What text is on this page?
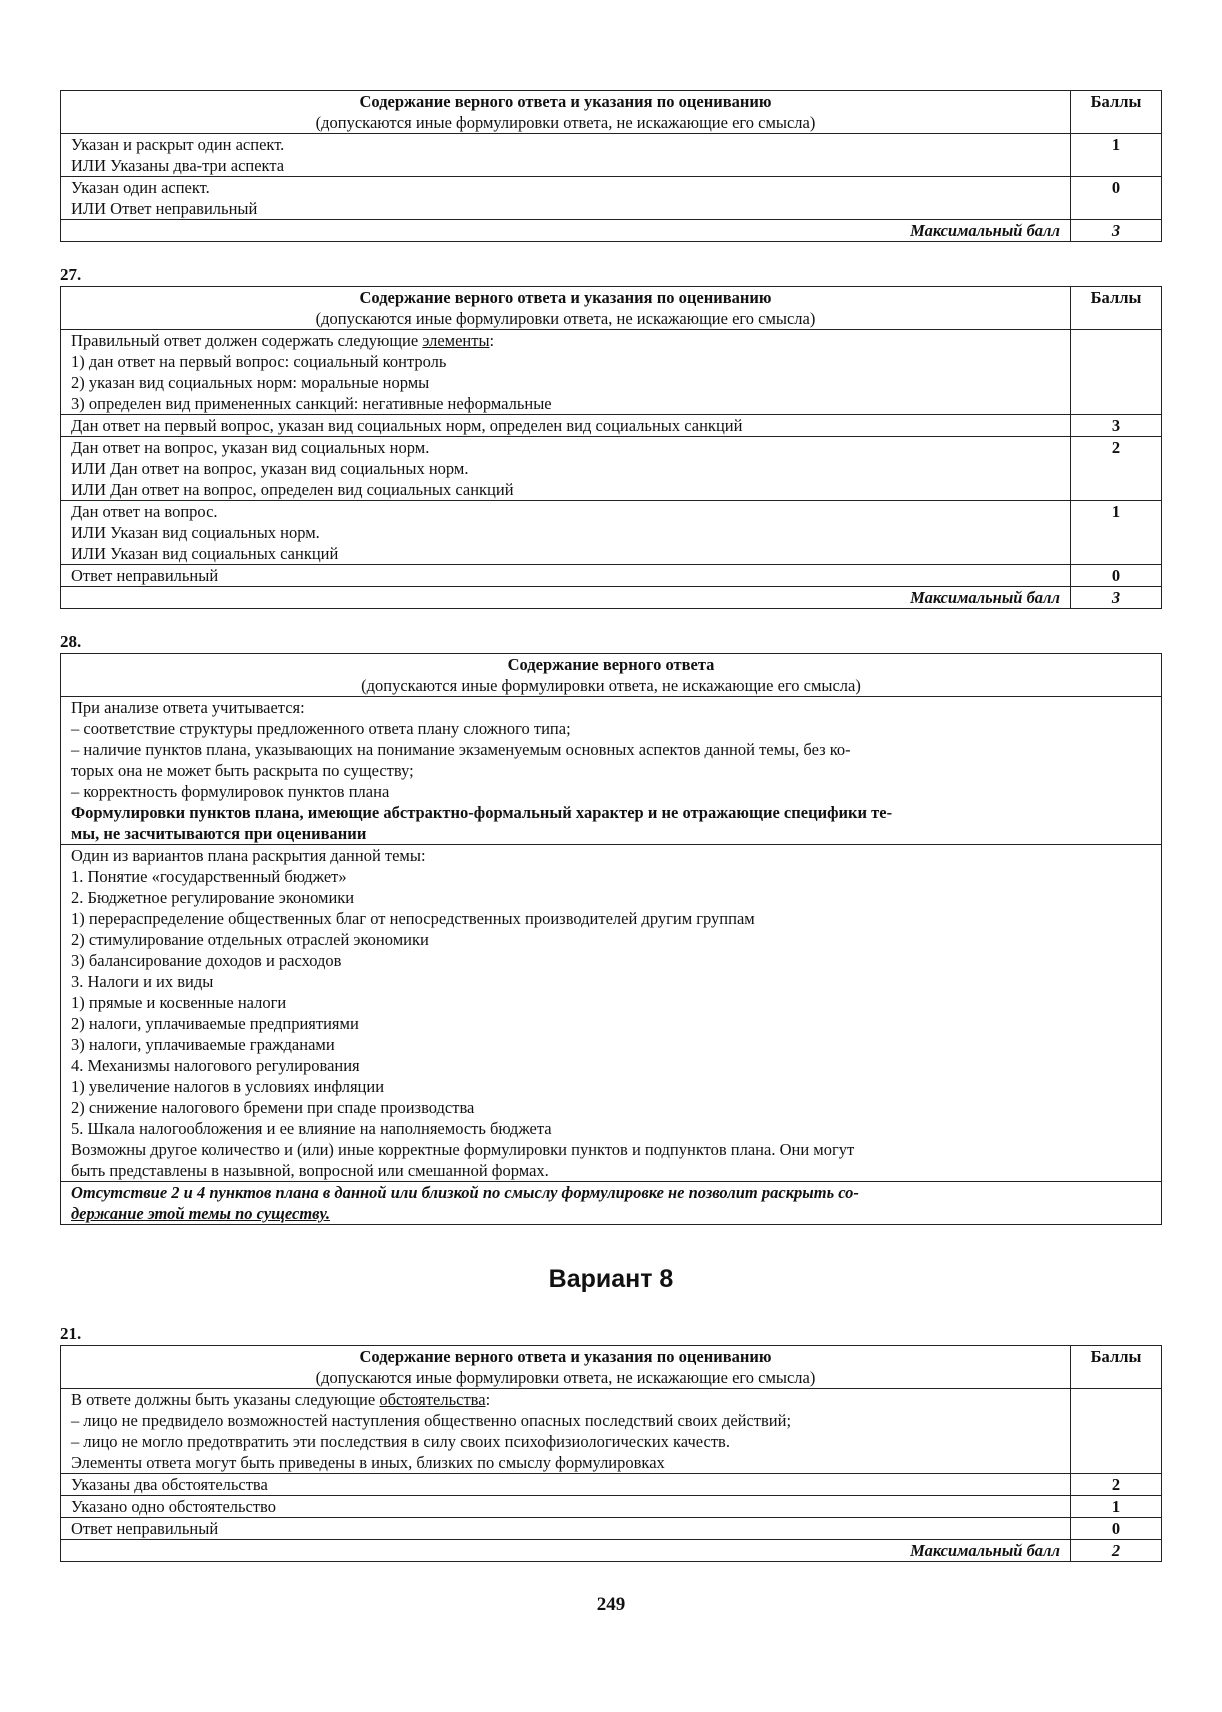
Содержание верного ответа и указания по оцениванию
(допускаются иные формулировки ответа, не искажающие его смысла)	Баллы

Указан и раскрыт один аспект.
ИЛИ Указаны два-три аспекта	1

Указан один аспект.
ИЛИ Ответ неправильный	0
Максимальный балл	3

27.

Содержание верного ответа и указания по оцениванию
(допускаются иные формулировки ответа, не искажающие его смысла)	Баллы

Правильный ответ должен содержать следующие элементы:
1) дан ответ на первый вопрос: социальный контроль
2) указан вид социальных норм: моральные нормы
3) определен вид примененных санкций: негативные неформальные	

Дан ответ на первый вопрос, указан вид социальных норм, определен вид социальных санкций	3

Дан ответ на вопрос, указан вид социальных норм.
ИЛИ Дан ответ на вопрос, указан вид социальных норм.
ИЛИ Дан ответ на вопрос, определен вид социальных санкций	2

Дан ответ на вопрос.
ИЛИ Указан вид социальных норм.
ИЛИ Указан вид социальных санкций	1

Ответ неправильный	0
Максимальный балл	3

28.

Содержание верного ответа
(допускаются иные формулировки ответа, не искажающие его смысла)

При анализе ответа учитывается:
– соответствие структуры предложенного ответа плану сложного типа;
– наличие пунктов плана, указывающих на понимание экзаменуемым основных аспектов данной темы, без ко-
торых она не может быть раскрыта по существу;
– корректность формулировок пунктов плана
Формулировки пунктов плана, имеющие абстрактно-формальный характер и не отражающие специфики те-
мы, не засчитываются при оценивании

Один из вариантов плана раскрытия данной темы:
1. Понятие «государственный бюджет»
2. Бюджетное регулирование экономики
1) перераспределение общественных благ от непосредственных производителей другим группам
2) стимулирование отдельных отраслей экономики
3) балансирование доходов и расходов
3. Налоги и их виды
1) прямые и косвенные налоги
2) налоги, уплачиваемые предприятиями
3) налоги, уплачиваемые гражданами
4. Механизмы налогового регулирования
1) увеличение налогов в условиях инфляции
2) снижение налогового бремени при спаде производства
5. Шкала налогообложения и ее влияние на наполняемость бюджета
Возможны другое количество и (или) иные корректные формулировки пунктов и подпунктов плана. Они могут
быть представлены в назывной, вопросной или смешанной формах.

Отсутствие 2 и 4 пунктов плана в данной или близкой по смыслу формулировке не позволит раскрыть со-
держание этой темы по существу.
Вариант 8

21.

Содержание верного ответа и указания по оцениванию
(допускаются иные формулировки ответа, не искажающие его смысла)	Баллы

В ответе должны быть указаны следующие обстоятельства:
– лицо не предвидело возможностей наступления общественно опасных последствий своих действий;
– лицо не могло предотвратить эти последствия в силу своих психофизиологических качеств.
Элементы ответа могут быть приведены в иных, близких по смыслу формулировках	

Указаны два обстоятельства	2

Указано одно обстоятельство	1

Ответ неправильный	0
Максимальный балл	2
249
